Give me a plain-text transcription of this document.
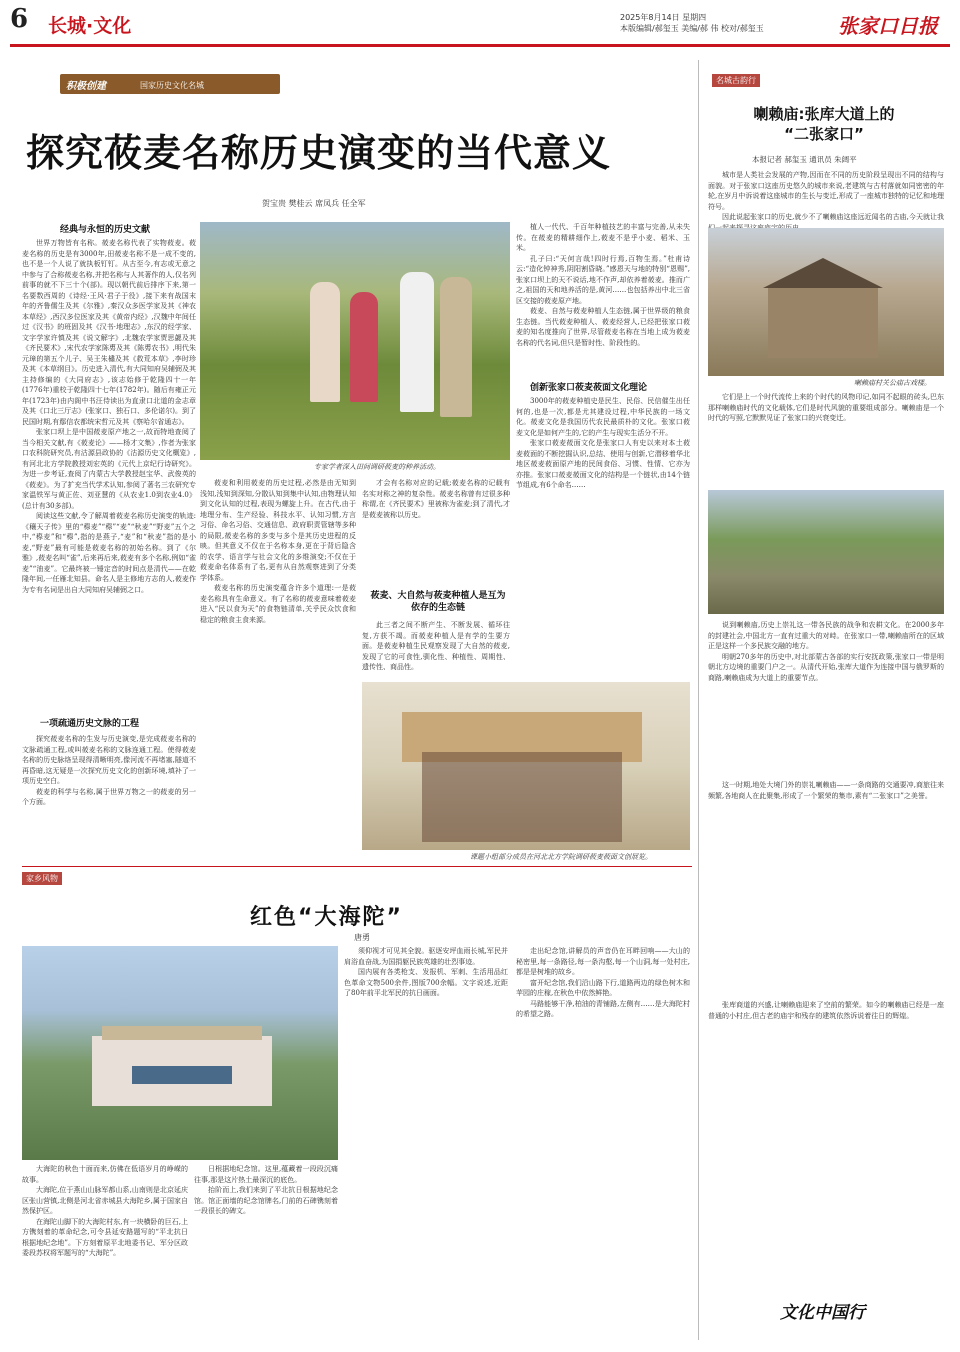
6 长城·文化	2025年8月14日 星期四
本版编辑/郝玺玉 美编/郝 伟 校对/郝玺玉	张家口日报
积极创建	国家历史文化名城
探究莜麦名称历史演变的当代意义
贺宝贵 樊桂云 席凤兵 任全军
经典与永恒的历史文献

世界万物皆有名称。莜麦名称代表了实物莜麦。莜麦名称的历史是有3000年,田莜麦名称不是一成不变的,也不是一个人说了就执板钉钉。从古至今,有志或无意之中参与了合称莜麦名称,并把名称与人其著作的人,仅名列前事的就不下三十个(部)。现以朝代前后排序下来,第一名要数西周的《诗经·王风·君子于役》,接下来有战国末年的齐鲁儒生及其《尔雅》,秦汉众多医学家及其《神农本草经》,西汉多位医家及其《黄帝内经》,汉魏中年间任过《汉书》的班固及其《汉书·地理志》,东汉的经学家、文字学家许慎及其《说文解字》,北魏农学家贾思勰及其《齐民要术》,宋代农学家陈旉及其《陈旉农书》,明代朱元璋的第五个儿子、吴王朱橚及其《救荒本草》,李时珍及其《本草纲目》。历史进入清代,有大同知府吴辅弼及其主持修编的《大同府志》,该志始修于乾隆四十一年(1776年)重校于乾隆四十七年(1782年)。随后有雍正元年(1723年)由内阁中书汪侍读出为直隶口北道的金志章及其《口北三厅志》(张家口、独石口、多伦诺尔)。到了民国时期,有鄢信农都统宋哲元及其《察哈尔省通志》。

张家口坝上是中国莜麦原产地之一,故而特地查阅了当今相关文献,有《莜麦论》——杨才文集》,作者为张家口农科院研究员,有沽源县政协的《沽源历史文化概览》,有河北北方学院教授刘宏英的《元代上京纪行诗研究》。为进一步考证,查阅了内蒙古大学教授赵宝华、武俊英的《莜麦》。为了扩充当代学术认知,参阅了著名三农研究专家温铁军与黄正佐、刘亚慧的《从农业1.0到农业4.0》(总计有30多部)。

阅读这些文献,令了解周着莜麦名称历史演变的轨迹:《穰天子传》里的“穄麦”“穄”“麦”“秋麦”“野麦”五个之中,“穄麦”和“穄”,指的是燕子,“麦”和“秋麦”指的是小麦,“野麦”最有可能是莜麦名称的初始名称。到了《尔雅》,莜麦名叫“雀”,后来再后来,莜麦有多个名称,例如“雀麦”“油麦”。它最终被一锤定音的时间点是清代——在乾隆年间,一任雁北知县。命名人是主修地方志的人,莜麦作为专有名词是出自大同知府吴辅弼之口。

一项疏通历史文脉的工程

探究莜麦名称的生发与历史演变,是完成莜麦名称的文脉疏通工程,或叫莜麦名称的文脉连通工程。使得莜麦名称的历史脉络呈现得清晰明亮,像河流不再堵塞,隧道不再昏暗,这无疑是一次探究历史文化的创新环境,填补了一项历史空白。

莜麦的科学与名称,属于世界万物之一的莜麦的另一个方面。

专家学者深入田间调研莜麦的种养活动。

莜麦和利用莜麦的历史过程,必然是由无知到浅知,浅知到深知,分散认知到集中认知,由物理认知到文化认知的过程,表现为螺旋上升。在古代,由于地理分布、生产经验、科技水平、认知习惯,方言习俗、命名习俗、交通信息、政府职责管辖等多种的局限,莜麦名称的多变与多个是其历史进程的反映。但其意义不仅在于名称本身,更在于背后隐含的农学、语言学与社会文化的多维演变;不仅在于莜麦命名体系有了名,更有从自然观察进到了分类学体系。

莜麦名称的历史演变蕴含许多个道理:一是莜麦名称具有生命意义。有了名称的莜麦意味着莜麦进入“民以食为天”的食物链清单,关乎民众饮食和稳定的粮食主食来源。

才会有名称对应的记载;莜麦名称的记载有名实对称之神的复杂性。莜麦名称曾有过很多种称谓,在《齐民要术》里被称为雀麦;到了清代,才是莜麦被称以历史。

莜麦、大自然与莜麦种植人是互为依存的生态链

此三者之间不断产生、不断发展、循环往复,方获不竭。而莜麦种植人是有学的生要方面。是莜麦种植生民观察发现了大自然的莜麦,发现了它的可食性,驯化性、种植性、周期性、遗传性、商品性。

课题小组部分成员在河北北方学院调研莜麦莜面文创展览。

植人一代代、千百年种植技艺的丰富与完善,从未失传。在莜麦的精耕细作上,莜麦不是乎小麦、稻米、玉米。

孔子曰:“天何言哉!四时行焉,百物生焉。”杜甫诗云:“造化钟神秀,阴阳割昏晓。”感恩天与地的特别“恩赐”,张家口坝上的天不说话,地不作声,却依养着莜麦。推而广之,祖国的天和地养活的是,黄河……也包括养出中北三省区交接的莜麦原产地。

莜麦、自然与莜麦种植人生态链,属于世界级的粮食生态链。当代莜麦种植人、莜麦经营人,已经把张家口莜麦的知名度推向了世界,尽管莜麦名称在当地上成为莜麦名称的代名词,但只是暂时性、阶段性的。

创新张家口莜麦莜面文化理论

3000年的莜麦种植史是民生、民俗、民信催生出任何的,也是一次,都是尤其建设过程,中华民族的一场文化。莜麦文化是我国历代农民最质朴的文化。张家口莜麦文化是如何产生的,它的产生与现实生活分不开。

张家口莜麦莜面文化是张家口人有史以来对本土莜麦莜面的不断挖掘认识,总结、使用与创新,它潜移着华北地区莜麦莜面原产地的民间食俗、习惯、性情、它亦为亦推。张家口莜麦莜面文化的结构是一个链状,由14个链节组成,有6个命名……

名城古韵行
喇赖庙:张库大道上的
“二张家口”
本报记者 郝玺玉 通讯员 朱阔平

城市是人类社会发展的产物,因而在不同的历史阶段呈现出不同的结构与面貌。对于张家口这座历史悠久的城市来说,老建筑与古村落就如同密密的年轮,在岁月中诉说着这座城市的生长与变迁,形成了一座城市独特的记忆和地理符号。

因此说起张家口的历史,就少不了喇赖庙这座远近闻名的古庙,今天就让我

喇赖庙村关公庙古戏楼。

它们是上一个时代流传上来的个时代的风物印记,如同不起眼的砖头,巴东那样喇赖庙时代的文化载体,它们是时代风貌的重要组成部分。喇赖庙是一个时代的写照,它默默见证了张家口的兴衰变迁。

说到喇赖庙,历史上崇礼这一带各民族的战争和农耕文化。在2000多年的封建社会,中国北方一直有过重大的对峙。在张家口一带,喇赖庙所在的区域正是这样一个多民族交融的地方。

明朝270多年的历史中,对北部蒙古各部的实行安抚政策,张家口一带是明朝北方边境的重要门户之一。从清代开始,张库大道作为连接中国与俄罗斯的商路,喇赖庙成为大道上的重要节点。

这一时期,地处大境门外的崇礼喇赖庙——一条商路的交通要冲,商旅往来频繁,各地商人在此聚集,形成了一个繁荣的集市,素有“二张家口”之美誉。

张库商道的兴盛,让喇赖庙迎来了空前的繁荣。如今的喇赖庙已经是一座普通的小村庄,但古老的庙宇和残存的建筑依然诉说着往日的辉煌。

文化中国行
家乡风物
红色“大海陀”
唐勇

大海陀的秋色十面而来,仿佛在低语岁月的峥嵘的故事。

大海陀,位于燕山山脉军都山系,山南则是北京延庆区张山营镇,北侧是河北省赤城县大海陀乡,属于国家自然保护区。

在海陀山脚下的大海陀村东,有一块横卧的巨石,上方镌刻着的革命纪念,可令县延安路题写的“平北抗日根据地纪念地”。下方刻着原平北地委书记、军分区政委段苏权将军题写的“大海陀”。

日根据地纪念馆。这里,蕴藏着一段段沉痛往事,那是这片热土最深沉的底色。

抬阶而上,我们来到了平北抗日根据地纪念馆。馆正面墙的纪念馆牌名,门前的石碑镌刻着一段很长的碑文。

须仰视才可见其全貌。驱逐安坪血雨长城,军民并肩浴血奋战,为国捐躯民族英雄的壮烈事迹。

国内展有各类枪支、发报机、军刺、生活用品红色革命文物500余件,图版700余幅。文字说述,近距了80年前平北军民的抗日画面。

走出纪念馆,讲解员的声音仍在耳畔回响——大山的秘密里,每一条路径,每一条沟壑,每一个山洞,每一处村庄,都是是树堆的故乡。

富开纪念馆,我们沿山路下行,道路两边的绿色树木和苹园的庄稼,在秋色中依然鲜艳。

马路能够干净,柏油的青铺路,左侧有……是大海陀村的希望之路。
